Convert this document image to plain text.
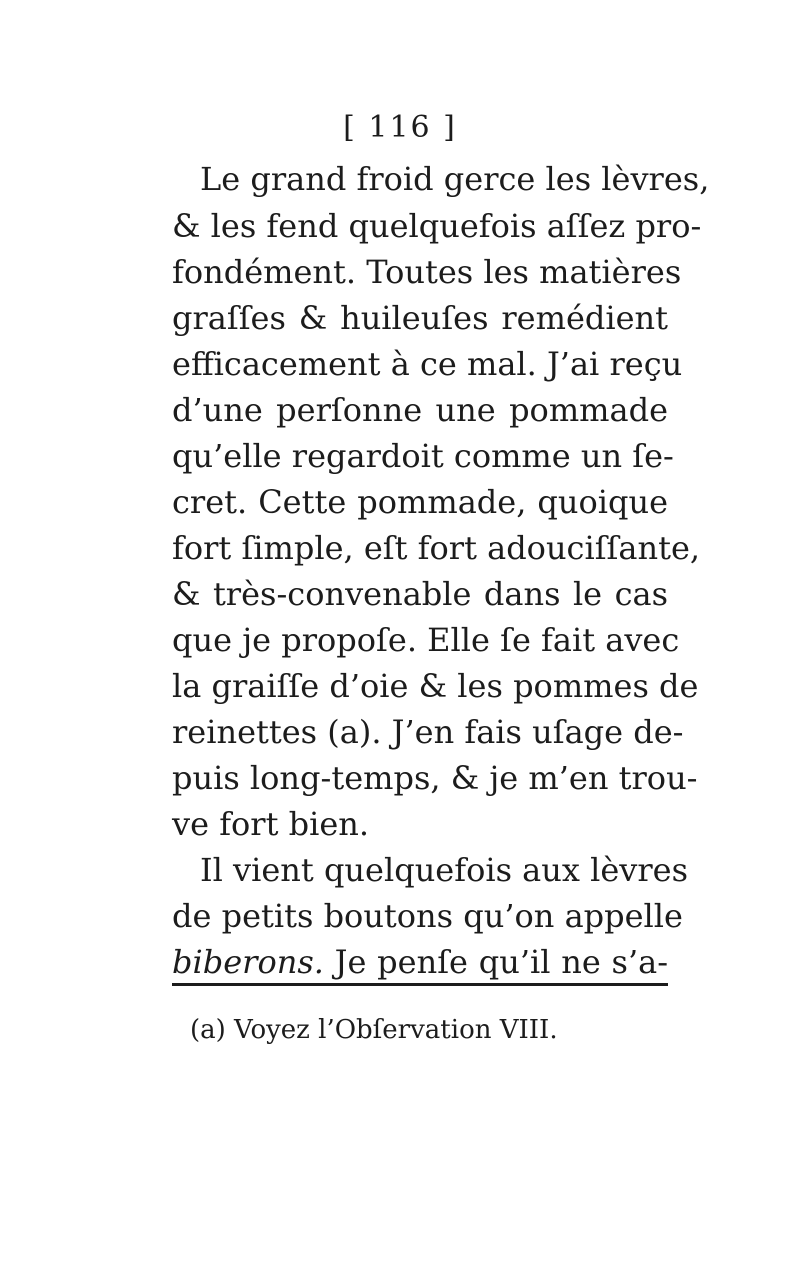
[ 116 ]
Le grand froid gerce les lèvres,
& les fend quelquefois aſſez pro-
fondément. Toutes les matières
graſſes & huileuſes remédient
efficacement à ce mal. J’ai reçu
d’une perſonne une pommade
qu’elle regardoit comme un ſe-
cret. Cette pommade, quoique
fort ſimple, eſt fort adouciſſante,
& très-convenable dans le cas
que je propoſe. Elle ſe fait avec
la graiſſe d’oie & les pommes de
reinettes (a). J’en fais uſage de-
puis long-temps, & je m’en trou-
ve fort bien.
Il vient quelquefois aux lèvres
de petits boutons qu’on appelle
biberons. Je penſe qu’il ne s’a-
(a) Voyez l’Obſervation VIII.
